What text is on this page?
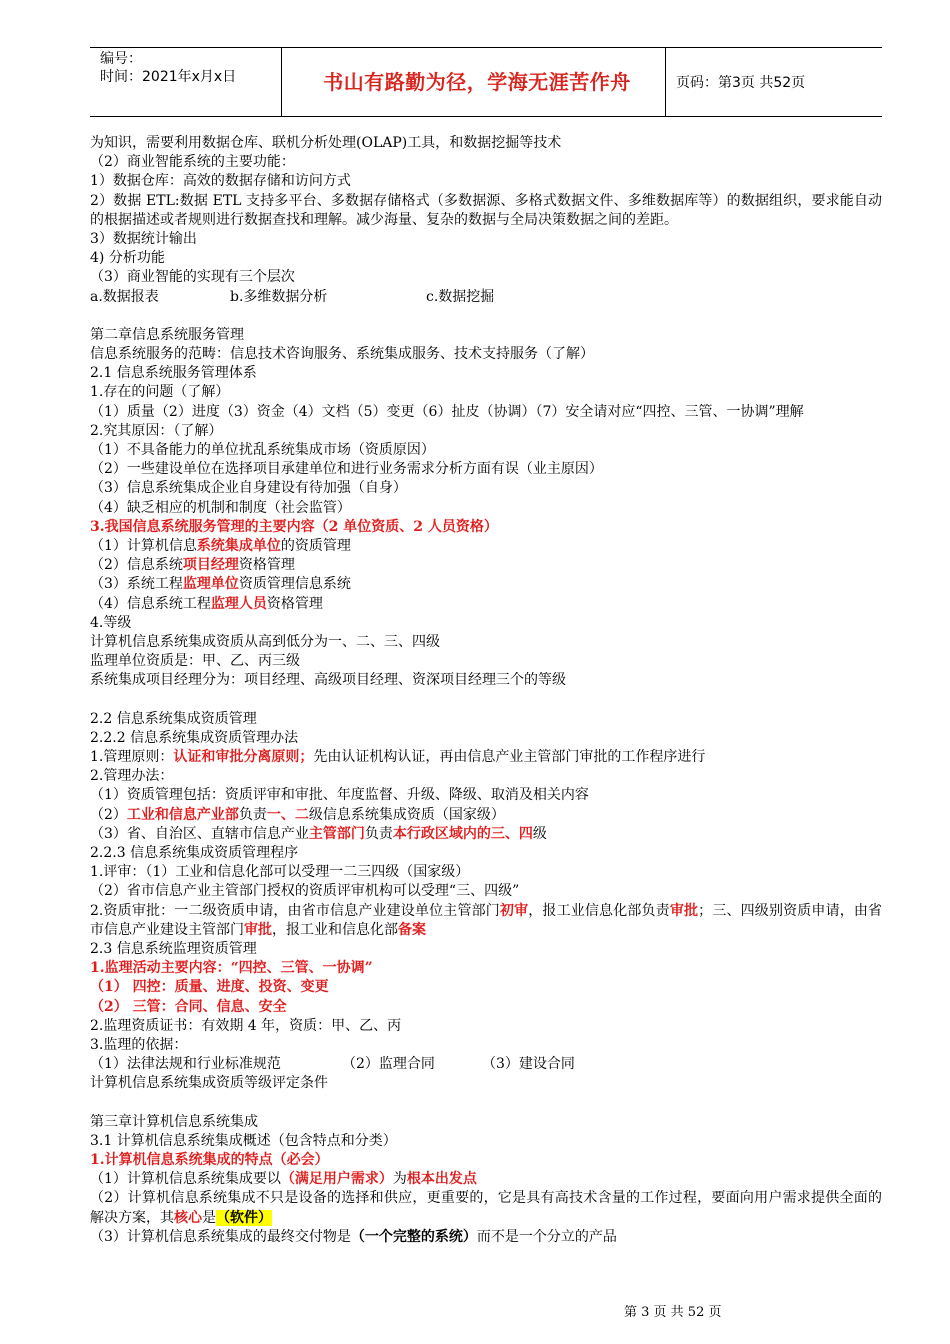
编号：
时间：2021年x月x日	书山有路勤为径，学海无涯苦作舟	页码：第3页 共52页
为知识，需要利用数据仓库、联机分析处理(OLAP)工具，和数据挖掘等技术
（2）商业智能系统的主要功能：
1）数据仓库：高效的数据存储和访问方式
2）数据 ETL:数据 ETL 支持多平台、多数据存储格式（多数据源、多格式数据文件、多维数据库等）的数据组织，要求能自动的根据描述或者规则进行数据查找和理解。减少海量、复杂的数据与全局决策数据之间的差距。
3）数据统计输出
4) 分析功能
（3）商业智能的实现有三个层次
a.数据报表	b.多维数据分析	c.数据挖掘
第二章信息系统服务管理
信息系统服务的范畴：信息技术咨询服务、系统集成服务、技术支持服务（了解）
2.1 信息系统服务管理体系
1.存在的问题（了解）
（1）质量（2）进度（3）资金（4）文档（5）变更（6）扯皮（协调）（7）安全请对应“四控、三管、一协调”理解
2.究其原因：（了解）
（1）不具备能力的单位扰乱系统集成市场（资质原因）
（2）一些建设单位在选择项目承建单位和进行业务需求分析方面有误（业主原因）
（3）信息系统集成企业自身建设有待加强（自身）
（4）缺乏相应的机制和制度（社会监管）
3.我国信息系统服务管理的主要内容（2 单位资质、2 人员资格）
（1）计算机信息系统集成单位的资质管理
（2）信息系统项目经理资格管理
（3）系统工程监理单位资质管理信息系统
（4）信息系统工程监理人员资格管理
4.等级
计算机信息系统集成资质从高到低分为一、二、三、四级
监理单位资质是：甲、乙、丙三级
系统集成项目经理分为：项目经理、高级项目经理、资深项目经理三个的等级
2.2 信息系统集成资质管理
2.2.2 信息系统集成资质管理办法
1.管理原则：认证和审批分离原则；先由认证机构认证，再由信息产业主管部门审批的工作程序进行
2.管理办法：
（1）资质管理包括：资质评审和审批、年度监督、升级、降级、取消及相关内容
（2）工业和信息产业部负责一、二级信息系统集成资质（国家级）
（3）省、自治区、直辖市信息产业主管部门负责本行政区域内的三、四级
2.2.3 信息系统集成资质管理程序
1.评审：（1）工业和信息化部可以受理一二三四级（国家级）
（2）省市信息产业主管部门授权的资质评审机构可以受理“三、四级”
2.资质审批：一二级资质申请，由省市信息产业建设单位主管部门初审，报工业信息化部负责审批；三、四级别资质申请，由省市信息产业建设主管部门审批，报工业和信息化部备案
2.3 信息系统监理资质管理
1.监理活动主要内容：“四控、三管、一协调”
（1） 四控：质量、进度、投资、变更
（2） 三管：合同、信息、安全
2.监理资质证书：有效期 4 年，资质：甲、乙、丙
3.监理的依据：
（1）法律法规和行业标准规范	（2）监理合同	（3）建设合同
计算机信息系统集成资质等级评定条件
第三章计算机信息系统集成
3.1 计算机信息系统集成概述（包含特点和分类）
1.计算机信息系统集成的特点（必会）
（1）计算机信息系统集成要以（满足用户需求）为根本出发点
（2）计算机信息系统集成不只是设备的选择和供应，更重要的，它是具有高技术含量的工作过程，要面向用户需求提供全面的解决方案，其核心是（软件）
（3）计算机信息系统集成的最终交付物是（一个完整的系统）而不是一个分立的产品
第 3 页 共 52 页
